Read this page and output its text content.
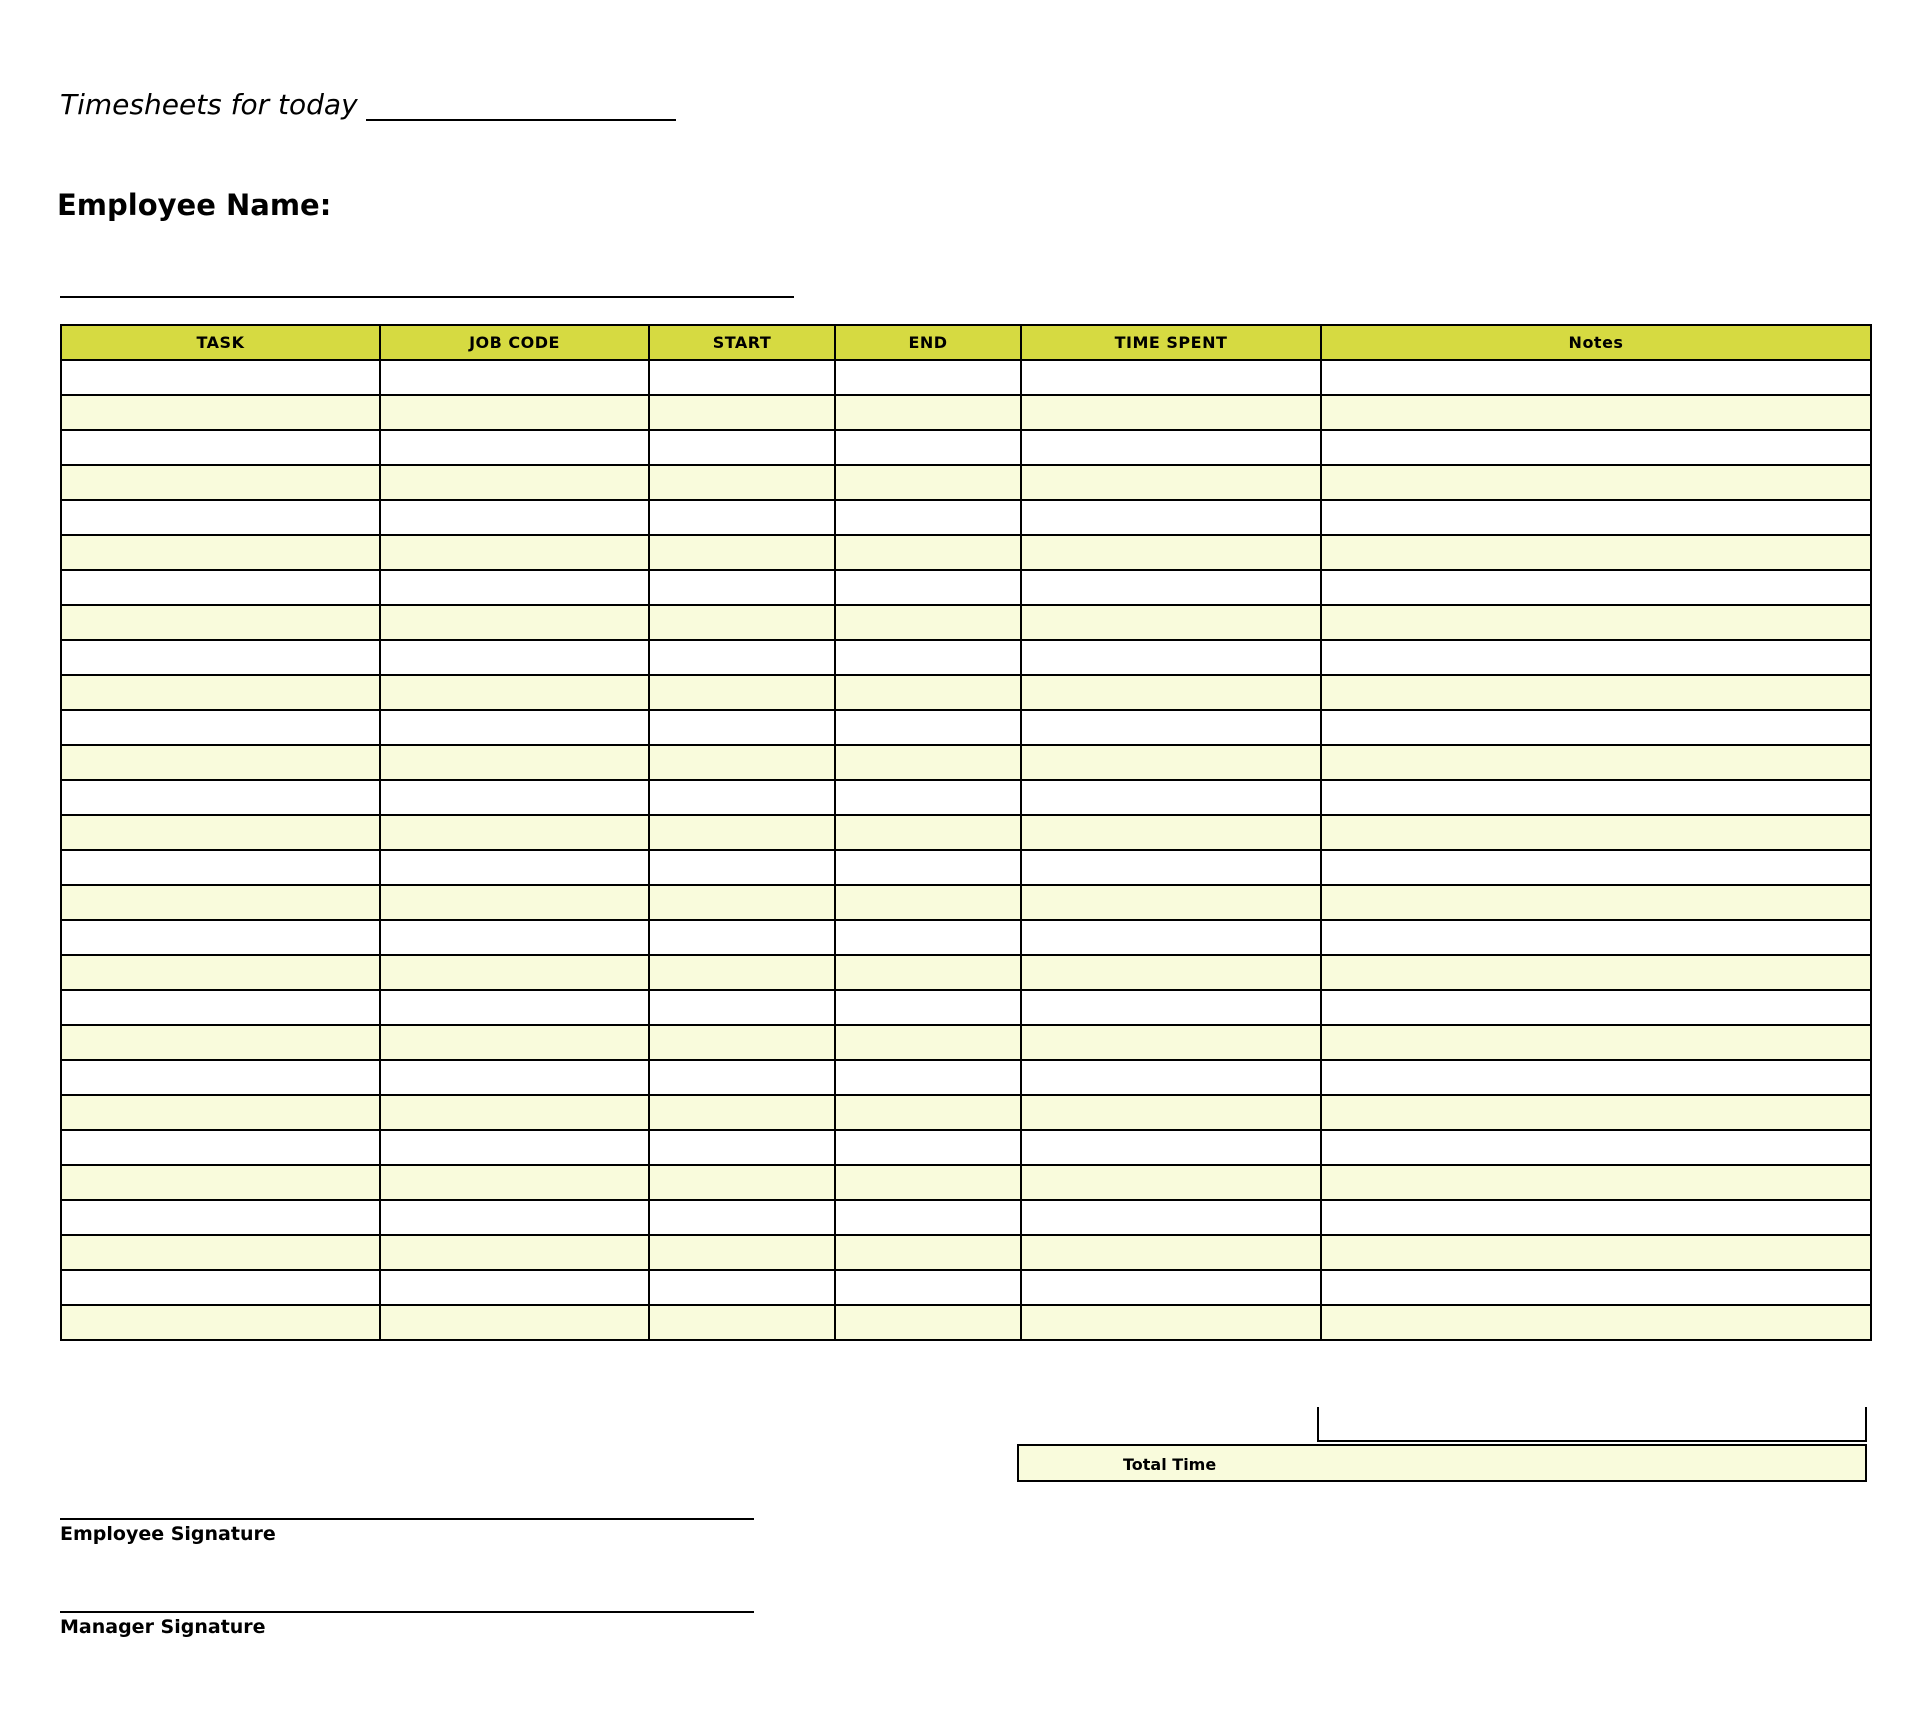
Timesheets for today
Employee Name:
TASK	JOB CODE	START	END	TIME SPENT	Notes

Total Time
Employee Signature
Manager Signature
